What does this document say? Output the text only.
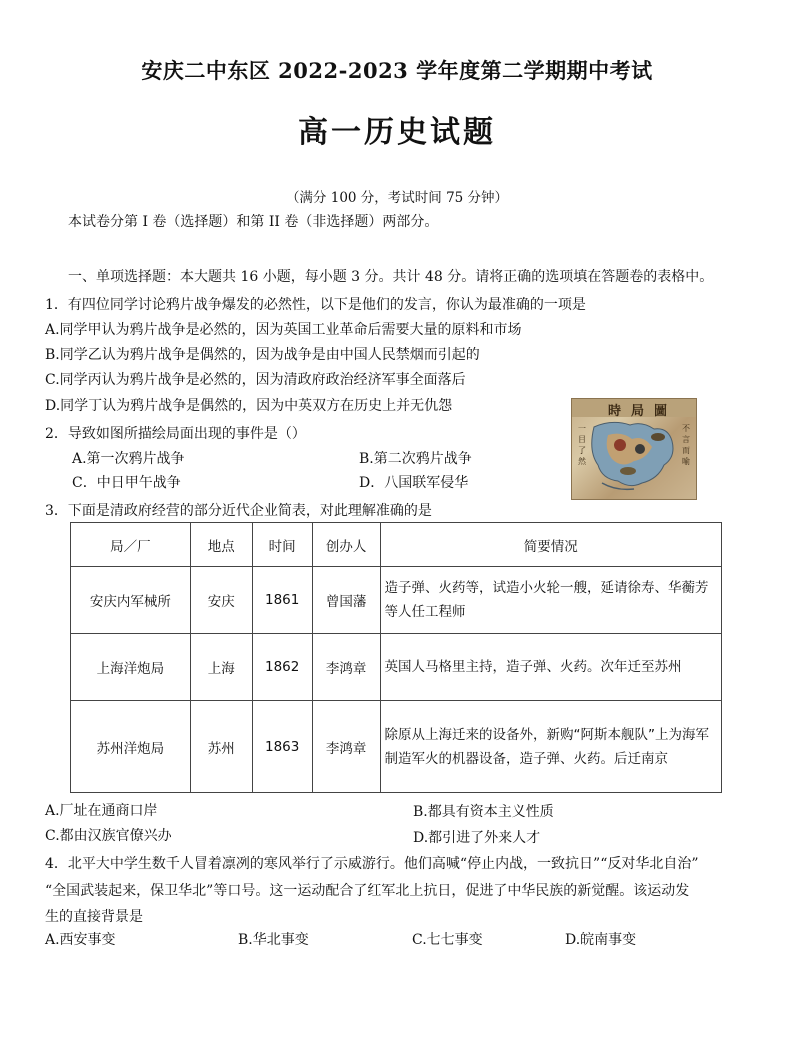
安庆二中东区 2022-2023 学年度第二学期期中考试
高一历史试题
（满分 100 分，考试时间 75 分钟）
本试卷分第 I 卷（选择题）和第 II 卷（非选择题）两部分。
一、单项选择题：本大题共 16 小题，每小题 3 分。共计 48 分。请将正确的选项填在答题卷的表格中。
1．有四位同学讨论鸦片战争爆发的必然性，以下是他们的发言，你认为最准确的一项是
A.同学甲认为鸦片战争是必然的，因为英国工业革命后需要大量的原料和市场
B.同学乙认为鸦片战争是偶然的，因为战争是由中国人民禁烟而引起的
C.同学丙认为鸦片战争是必然的，因为清政府政治经济军事全面落后
D.同学丁认为鸦片战争是偶然的，因为中英双方在历史上并无仇怨
2．导致如图所描绘局面出现的事件是（）
A.第一次鸦片战争	B.第二次鸦片战争
C．中日甲午战争	D．八国联军侵华
時局圖
一目了然
不言而喻
3．下面是清政府经营的部分近代企业简表，对此理解准确的是
局／厂	地点	时间	创办人	简要情况
安庆内军械所	安庆	1861	曾国藩	造子弹、火药等，试造小火轮一艘，延请徐寿、华蘅芳等人任工程师
上海洋炮局	上海	1862	李鸿章	英国人马格里主持，造子弹、火药。次年迁至苏州
苏州洋炮局	苏州	1863	李鸿章	除原从上海迁来的设备外，新购“阿斯本舰队”上为海军制造军火的机器设备，造子弹、火药。后迁南京
A.厂址在通商口岸	B.都具有资本主义性质
C.都由汉族官僚兴办	D.都引进了外来人才
4．北平大中学生数千人冒着凛冽的寒风举行了示威游行。他们高喊“停止内战，一致抗日”“反对华北自治”
“全国武装起来，保卫华北”等口号。这一运动配合了红军北上抗日，促进了中华民族的新觉醒。该运动发
生的直接背景是
A.西安事变	B.华北事变	C.七七事变	D.皖南事变
